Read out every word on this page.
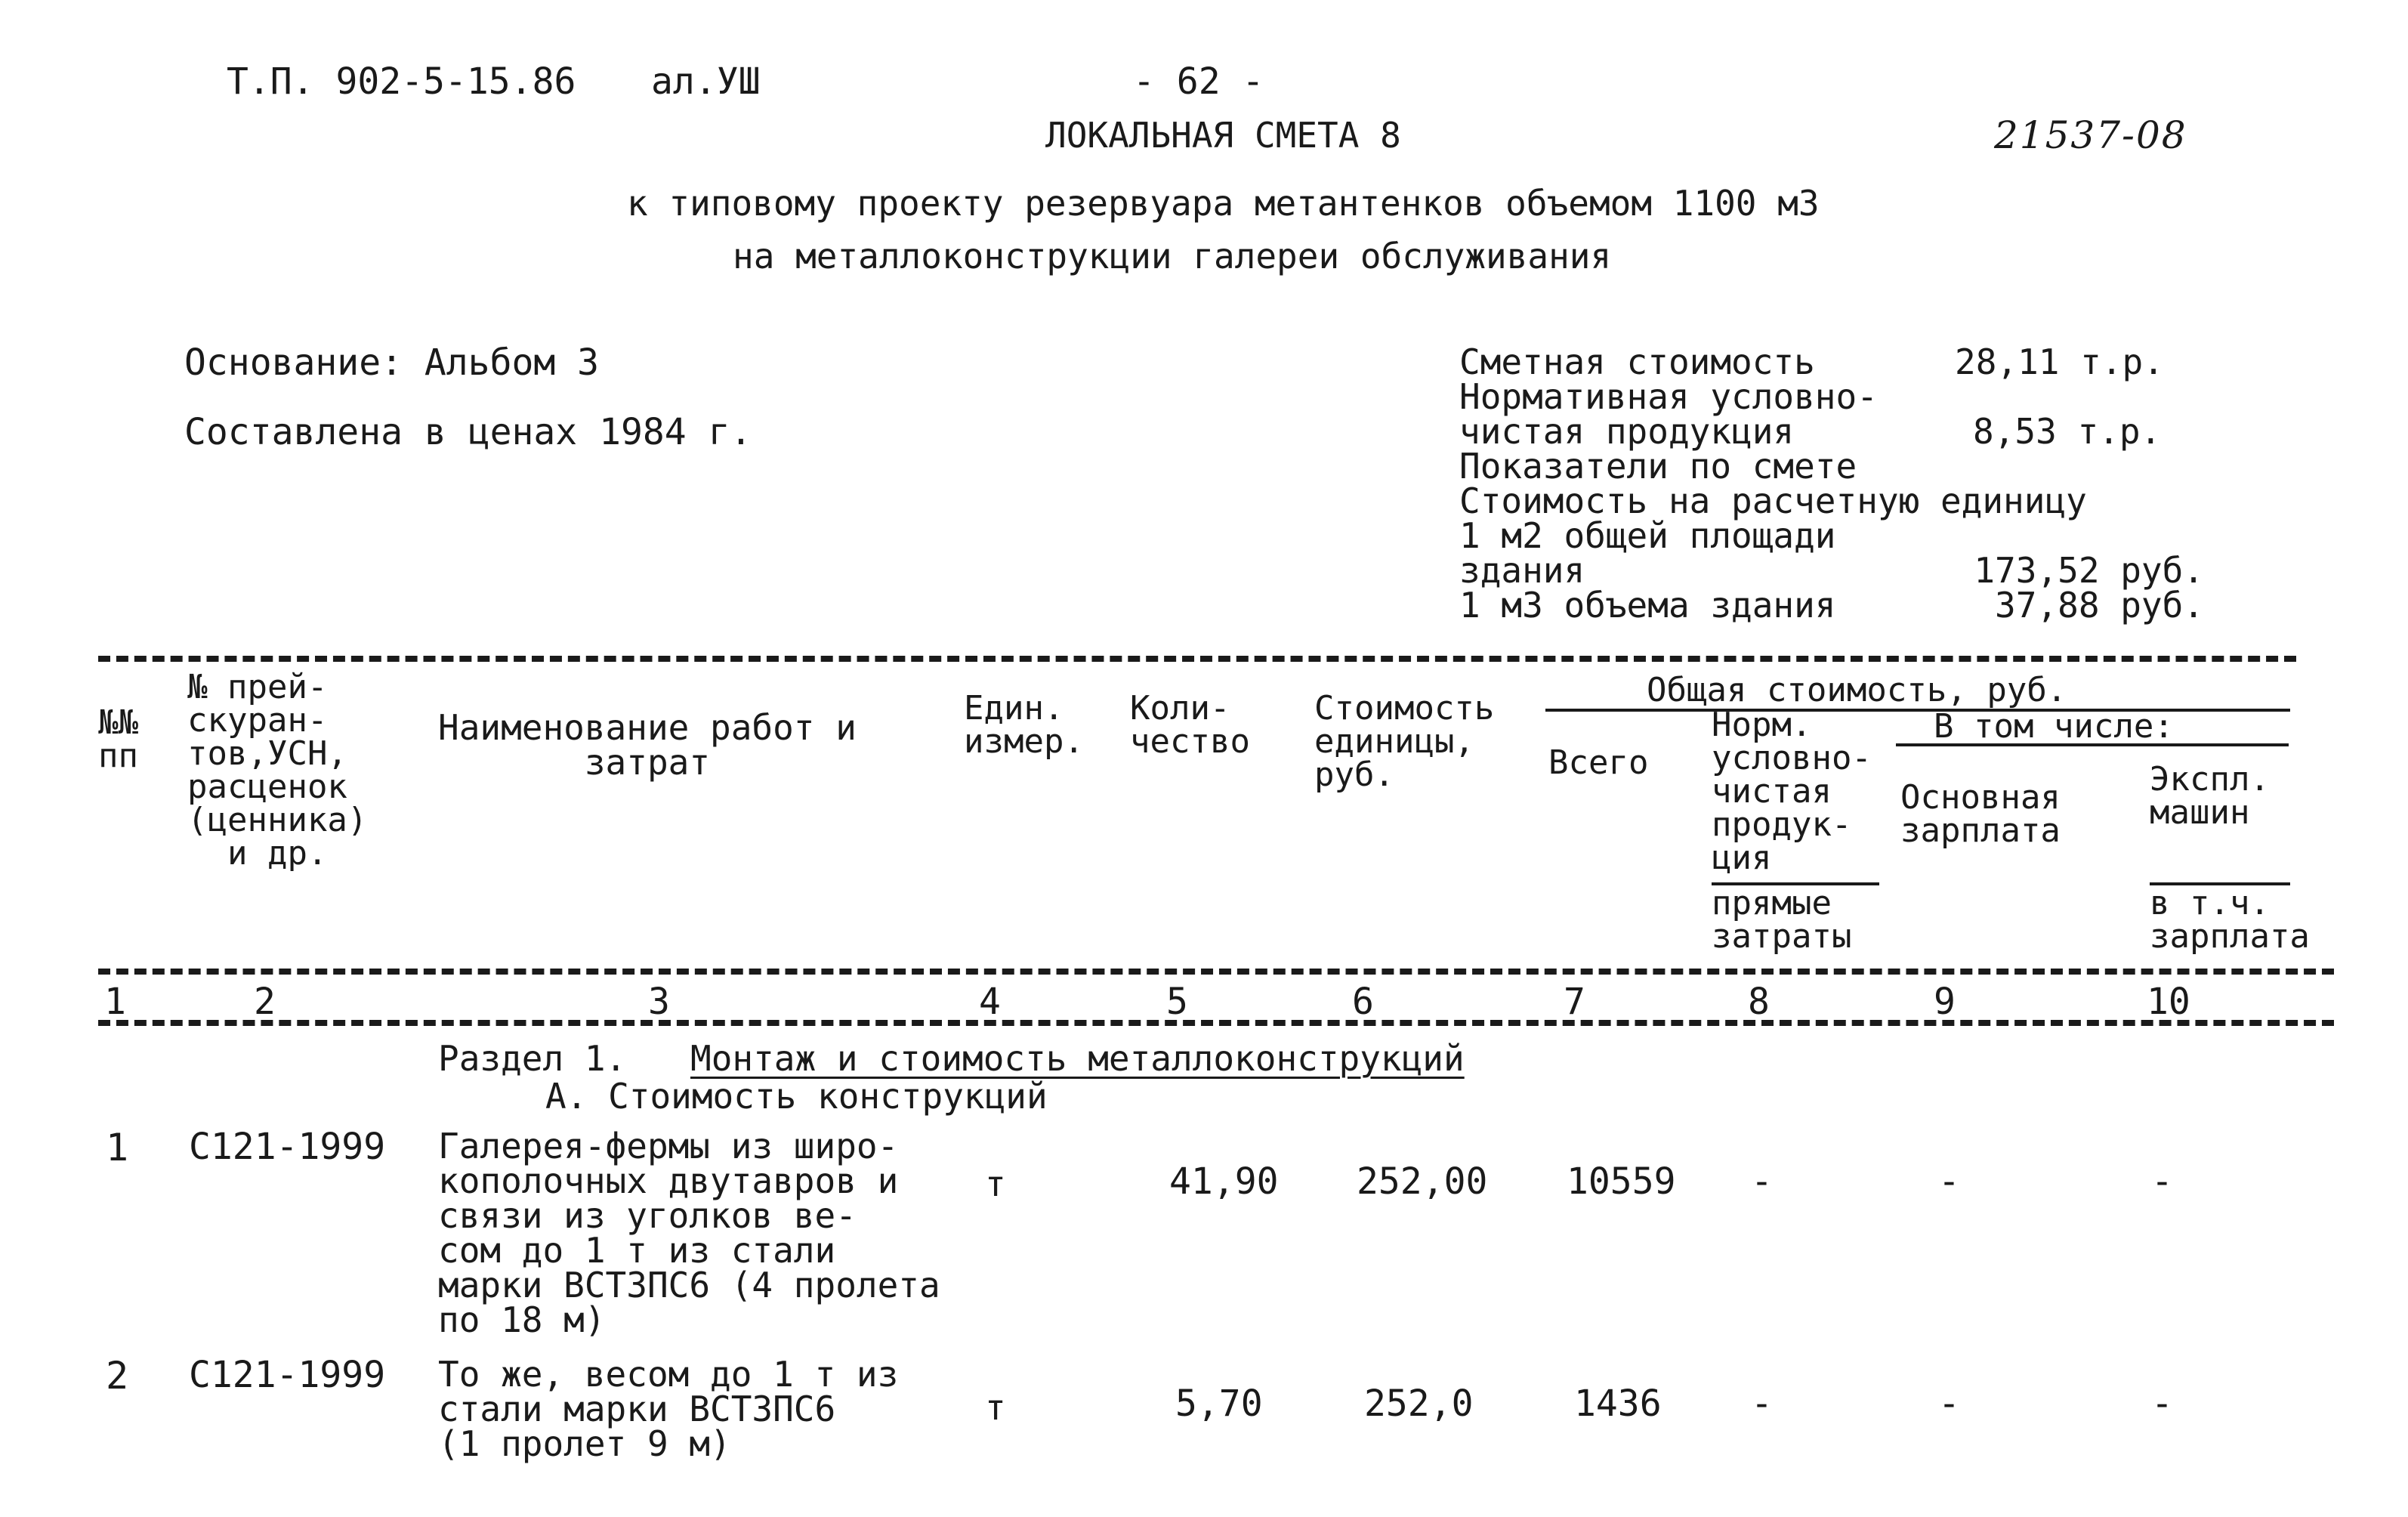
Т.П. 902-5-15.86 ал.УШ	- 62 -
ЛОКАЛЬНАЯ СМЕТА 8	21537-08
к типовому проекту резервуара метантенков объемом 1100 м3
на металлоконструкции галереи обслуживания
Основание: Альбом 3
Составлена в ценах 1984 г.
Сметная стоимость	28,11 т.р.
Нормативная условно-
чистая продукция	8,53 т.р.
Показатели по смете
Стоимость на расчетную единицу
1 м2 общей площади
здания	173,52 руб.
1 м3 объема здания	37,88 руб.
№№
пп
№ прей-
скуран-
тов,УСН,
расценок
(ценника)
и др.
Наименование работ и
затрат
Един.
измер.
Коли-
чество
Стоимость
единицы,
руб.
Общая стоимость, руб.
Всего
Норм.
условно-
чистая
продук-
ция
прямые
затраты
В том числе:
Основная
зарплата
Экспл.
машин
в т.ч.
зарплата
1	2	3	4	5	6	7	8	9	10
Раздел 1. Монтаж и стоимость металлоконструкций
А. Стоимость конструкций
1 С121-1999 Галерея-фермы из широ-
кополочных двутавров и
связи из уголков ве-
сом до 1 т из стали
марки ВСТ3ПС6 (4 пролета
по 18 м)
т	41,90 252,00 10559 -	-	-
2 С121-1999 То же, весом до 1 т из
стали марки ВСТ3ПС6
(1 пролет 9 м)
т	5,70	252,0	1436 -	-	-
